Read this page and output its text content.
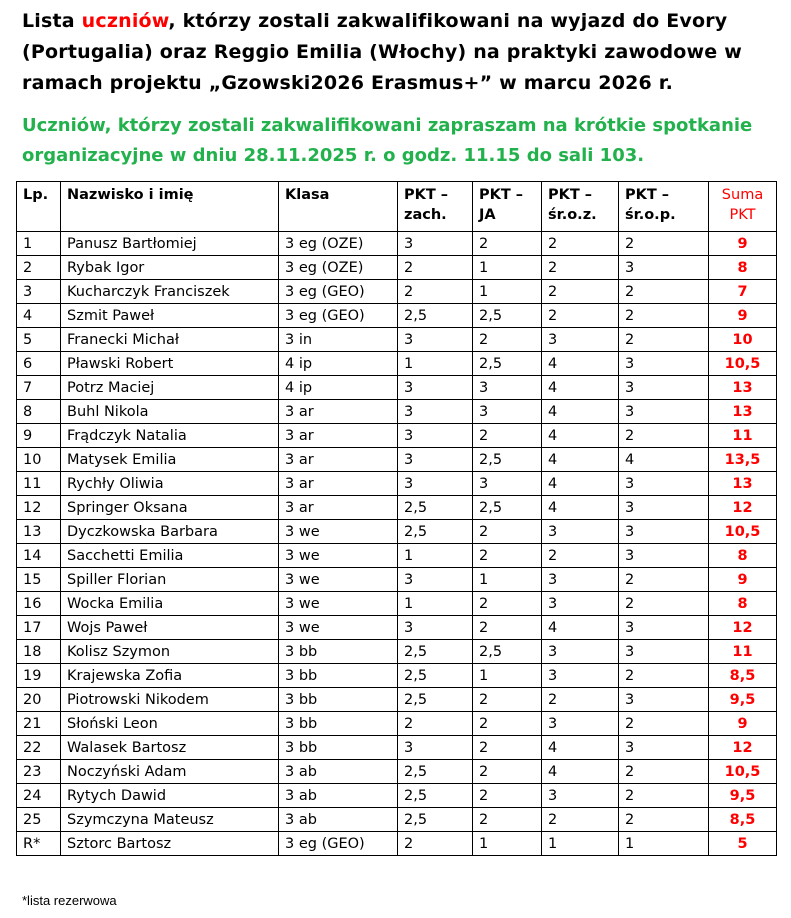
Lista uczniów, którzy zostali zakwalifikowani na wyjazd do Evory (Portugalia) oraz Reggio Emilia (Włochy) na praktyki zawodowe w ramach projektu „Gzowski2026 Erasmus+” w marcu 2026 r.
Uczniów, którzy zostali zakwalifikowani zapraszam na krótkie spotkanie organizacyjne w dniu 28.11.2025 r. o godz. 11.15 do sali 103.
Lp.	Nazwisko i imię	Klasa	PKT – zach.	PKT – JA	PKT – śr.o.z.	PKT – śr.o.p.	Suma PKT
1	Panusz Bartłomiej	3 eg (OZE)	3	2	2	2	9
2	Rybak Igor	3 eg (OZE)	2	1	2	3	8
3	Kucharczyk Franciszek	3 eg (GEO)	2	1	2	2	7
4	Szmit Paweł	3 eg (GEO)	2,5	2,5	2	2	9
5	Franecki Michał	3 in	3	2	3	2	10
6	Pławski Robert	4 ip	1	2,5	4	3	10,5
7	Potrz Maciej	4 ip	3	3	4	3	13
8	Buhl Nikola	3 ar	3	3	4	3	13
9	Frądczyk Natalia	3 ar	3	2	4	2	11
10	Matysek Emilia	3 ar	3	2,5	4	4	13,5
11	Rychły Oliwia	3 ar	3	3	4	3	13
12	Springer Oksana	3 ar	2,5	2,5	4	3	12
13	Dyczkowska Barbara	3 we	2,5	2	3	3	10,5
14	Sacchetti Emilia	3 we	1	2	2	3	8
15	Spiller Florian	3 we	3	1	3	2	9
16	Wocka Emilia	3 we	1	2	3	2	8
17	Wojs Paweł	3 we	3	2	4	3	12
18	Kolisz Szymon	3 bb	2,5	2,5	3	3	11
19	Krajewska Zofia	3 bb	2,5	1	3	2	8,5
20	Piotrowski Nikodem	3 bb	2,5	2	2	3	9,5
21	Słoński Leon	3 bb	2	2	3	2	9
22	Walasek Bartosz	3 bb	3	2	4	3	12
23	Noczyński Adam	3 ab	2,5	2	4	2	10,5
24	Rytych Dawid	3 ab	2,5	2	3	2	9,5
25	Szymczyna Mateusz	3 ab	2,5	2	2	2	8,5
R*	Sztorc Bartosz	3 eg (GEO)	2	1	1	1	5
*lista rezerwowa
